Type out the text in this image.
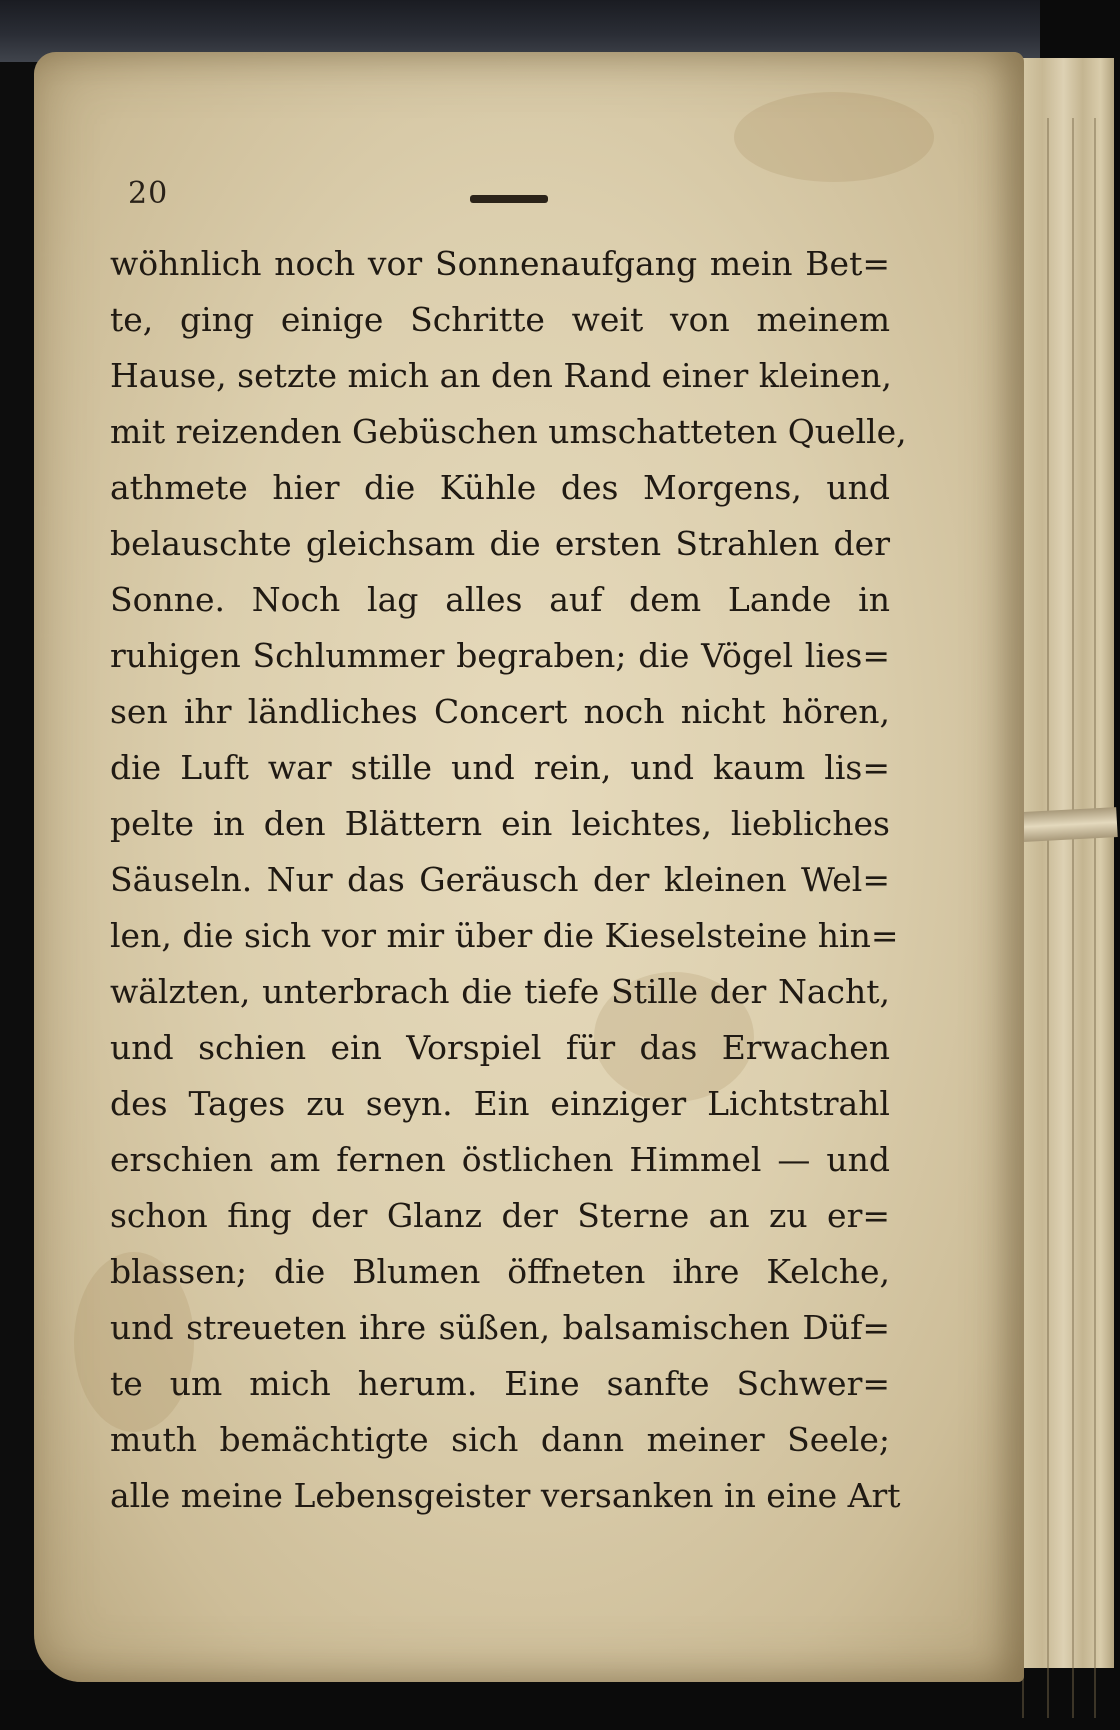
20
wöhnlich noch vor Sonnenaufgang mein Bet=
te, ging einige Schritte weit von meinem
Hause, setzte mich an den Rand einer kleinen,
mit reizenden Gebüschen umschatteten Quelle,
athmete hier die Kühle des Morgens, und
belauschte gleichsam die ersten Strahlen der
Sonne. Noch lag alles auf dem Lande in
ruhigen Schlummer begraben; die Vögel lies=
sen ihr ländliches Concert noch nicht hören,
die Luft war stille und rein, und kaum lis=
pelte in den Blättern ein leichtes, liebliches
Säuseln. Nur das Geräusch der kleinen Wel=
len, die sich vor mir über die Kieselsteine hin=
wälzten, unterbrach die tiefe Stille der Nacht,
und schien ein Vorspiel für das Erwachen
des Tages zu seyn. Ein einziger Lichtstrahl
erschien am fernen östlichen Himmel — und
schon fing der Glanz der Sterne an zu er=
blassen; die Blumen öffneten ihre Kelche,
und streueten ihre süßen, balsamischen Düf=
te um mich herum. Eine sanfte Schwer=
muth bemächtigte sich dann meiner Seele;
alle meine Lebensgeister versanken in eine Art
